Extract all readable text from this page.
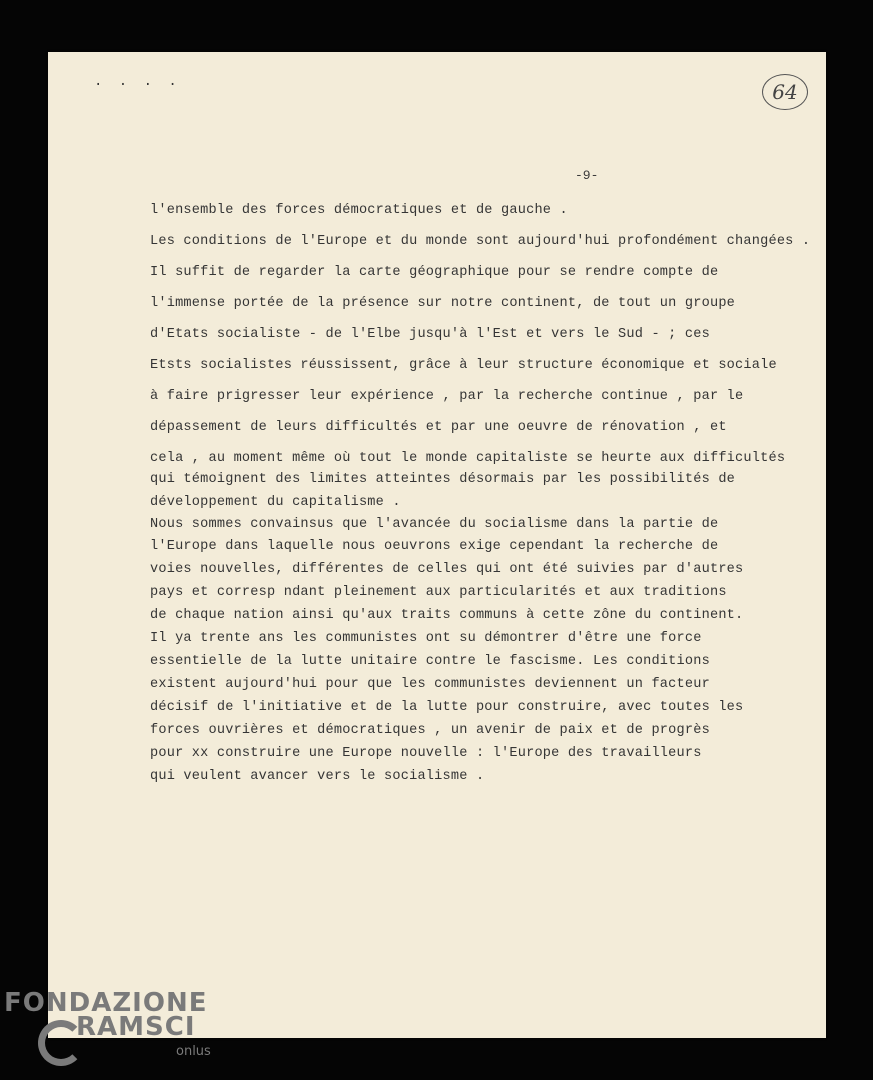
. . . .	64
-9-
l'ensemble des forces démocratiques et de gauche .
Les conditions de l'Europe et du monde sont aujourd'hui profondément changées .
Il suffit de regarder la carte géographique pour se rendre compte de
l'immense portée de la présence sur notre continent, de tout un groupe
d'Etats socialiste - de l'Elbe jusqu'à l'Est et vers le Sud - ; ces
Etsts socialistes réussissent, grâce à leur structure économique et sociale
à faire prigresser leur expérience , par la recherche continue , par le
dépassement de leurs difficultés et par une oeuvre de rénovation , et
cela , au moment même où tout le monde capitaliste se heurte aux difficultés
qui témoignent des limites atteintes désormais par les possibilités de
développement du capitalisme .
Nous sommes convainsus que l'avancée du socialisme dans la partie de
l'Europe dans laquelle nous oeuvrons exige cependant la recherche de
voies nouvelles, différentes de celles qui ont été suivies par d'autres
pays et corresp ndant pleinement aux particularités et aux traditions
de chaque nation ainsi qu'aux traits communs à cette zône du continent.
Il ya trente ans les communistes ont su démontrer d'être une force
essentielle de la lutte unitaire contre le fascisme. Les conditions
existent aujourd'hui pour que les communistes deviennent un facteur
décisif de l'initiative et de la lutte pour construire, avec toutes les
forces ouvrières et démocratiques , un avenir de paix et de progrès
pour xx construire une Europe nouvelle : l'Europe des travailleurs
qui veulent avancer vers le socialisme .
FONDAZIONE
RAMSCI
onlus
